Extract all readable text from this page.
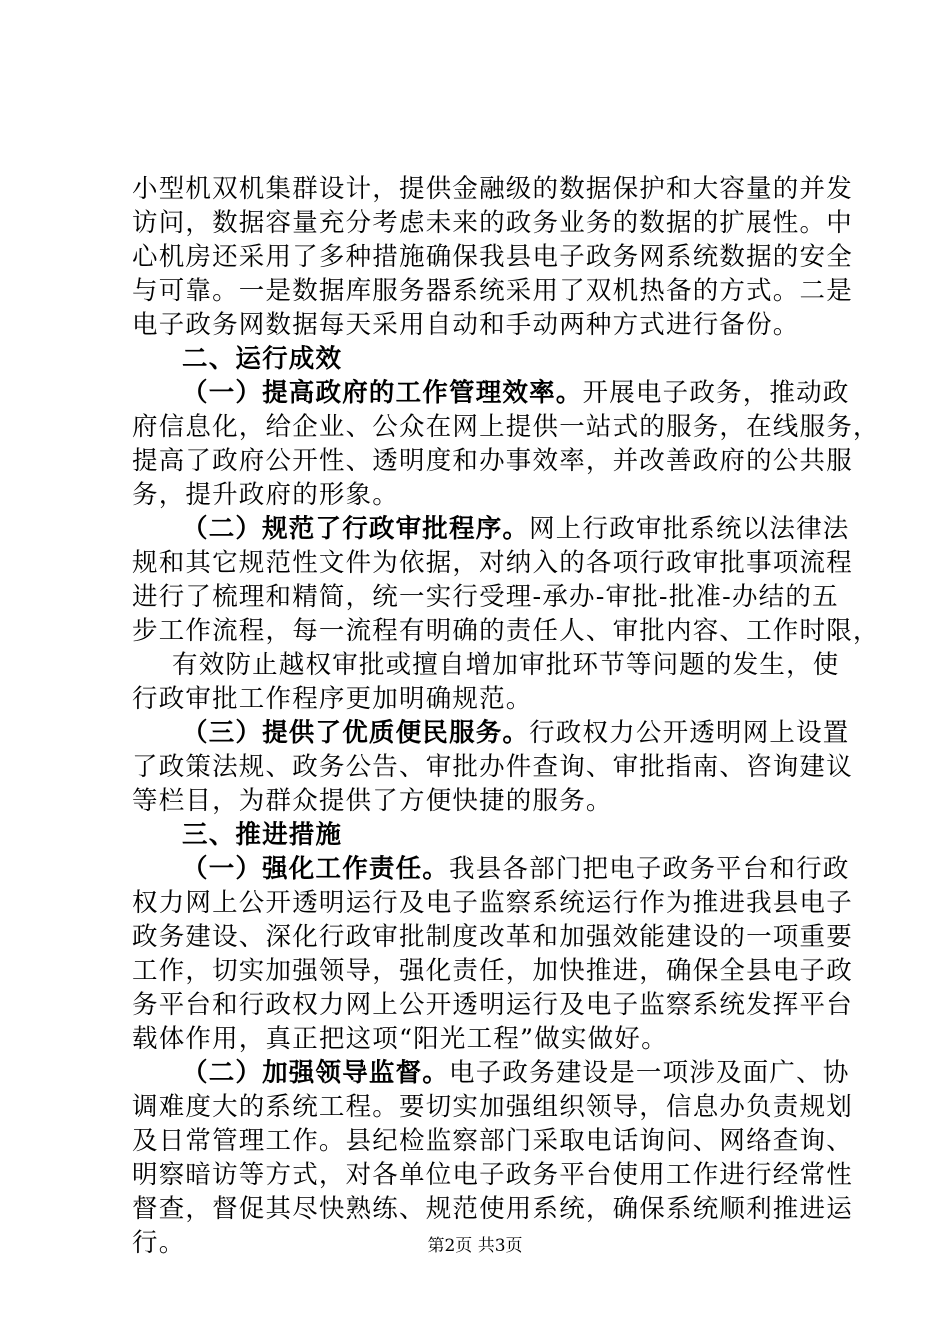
小型机双机集群设计，提供金融级的数据保护和大容量的并发
访问，数据容量充分考虑未来的政务业务的数据的扩展性。中
心机房还采用了多种措施确保我县电子政务网系统数据的安全
与可靠。一是数据库服务器系统采用了双机热备的方式。二是
电子政务网数据每天采用自动和手动两种方式进行备份。
二、运行成效
（一）提高政府的工作管理效率。开展电子政务，推动政
府信息化，给企业、公众在网上提供一站式的服务，在线服务，
提高了政府公开性、透明度和办事效率，并改善政府的公共服
务，提升政府的形象。
（二）规范了行政审批程序。网上行政审批系统以法律法
规和其它规范性文件为依据，对纳入的各项行政审批事项流程
进行了梳理和精简，统一实行受理-承办-审批-批准-办结的五
步工作流程，每一流程有明确的责任人、审批内容、工作时限，
有效防止越权审批或擅自增加审批环节等问题的发生，使
行政审批工作程序更加明确规范。
（三）提供了优质便民服务。行政权力公开透明网上设置
了政策法规、政务公告、审批办件查询、审批指南、咨询建议
等栏目，为群众提供了方便快捷的服务。
三、推进措施
（一）强化工作责任。我县各部门把电子政务平台和行政
权力网上公开透明运行及电子监察系统运行作为推进我县电子
政务建设、深化行政审批制度改革和加强效能建设的一项重要
工作，切实加强领导，强化责任，加快推进，确保全县电子政
务平台和行政权力网上公开透明运行及电子监察系统发挥平台
载体作用，真正把这项“阳光工程”做实做好。
（二）加强领导监督。电子政务建设是一项涉及面广、协
调难度大的系统工程。要切实加强组织领导，信息办负责规划
及日常管理工作。县纪检监察部门采取电话询问、网络查询、
明察暗访等方式，对各单位电子政务平台使用工作进行经常性
督查，督促其尽快熟练、规范使用系统，确保系统顺利推进运
行。	第2页 共3页
